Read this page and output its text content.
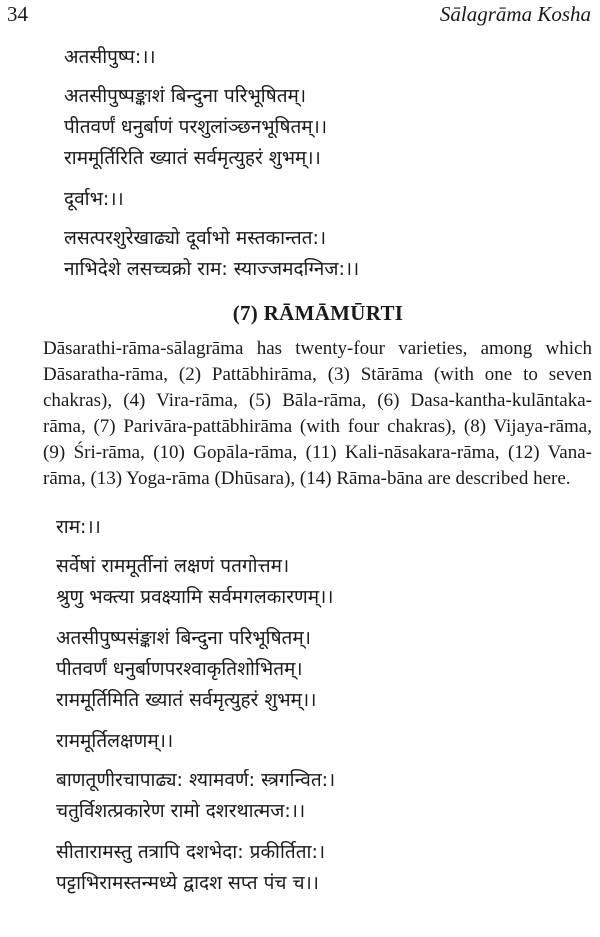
34	Sālagrāma Kosha
अतसीपुष्प:।।
अतसीपुष्पङ्काशं बिन्दुना परिभूषितम्।
पीतवर्णं धनुर्बाणं परशुलांञ्छनभूषितम्।।
राममूर्तिरिति ख्यातं सर्वमृत्युहरं शुभम्।।
दूर्वाभ:।।
लसत्परशुरेखाढ्यो दूर्वाभो मस्तकान्तत:।
नाभिदेशे लसच्चक्रो राम: स्याज्जमदग्निज:।।
(7) RĀMĀMŪRTI

Dāsarathi-rāma-sālagrāma has twenty-four varieties, among which Dāsaratha-rāma, (2) Pattābhirāma, (3) Stārāma (with one to seven chakras), (4) Vira-rāma, (5) Bāla-rāma, (6) Dasa-kantha-kulāntaka-rāma, (7) Parivāra-pattābhirāma (with four chakras), (8) Vijaya-rāma, (9) Śri-rāma, (10) Gopāla-rāma, (11) Kali-nāsakara-rāma, (12) Vana-rāma, (13) Yoga-rāma (Dhūsara), (14) Rāma-bāna are described here.

राम:।।
सर्वेषां राममूर्तीनां लक्षणं पतगोत्तम।
श्रुणु भक्त्या प्रवक्ष्यामि सर्वमगलकारणम्।।
अतसीपुष्पसंङ्काशं बिन्दुना परिभूषितम्।
पीतवर्णं धनुर्बाणपरश्वाकृतिशोभितम्।
राममूर्तिमिति ख्यातं सर्वमृत्युहरं शुभम्।।
राममूर्तिलक्षणम्।।
बाणतूणीरचापाढ्य: श्यामवर्ण: स्त्रगन्वित:।
चतुर्विशत्प्रकारेण रामो दशरथात्मज:।।
सीतारामस्तु तत्रापि दशभेदा: प्रकीर्तिता:।
पट्टाभिरामस्तन्मध्ये द्वादश सप्त पंच च।।
